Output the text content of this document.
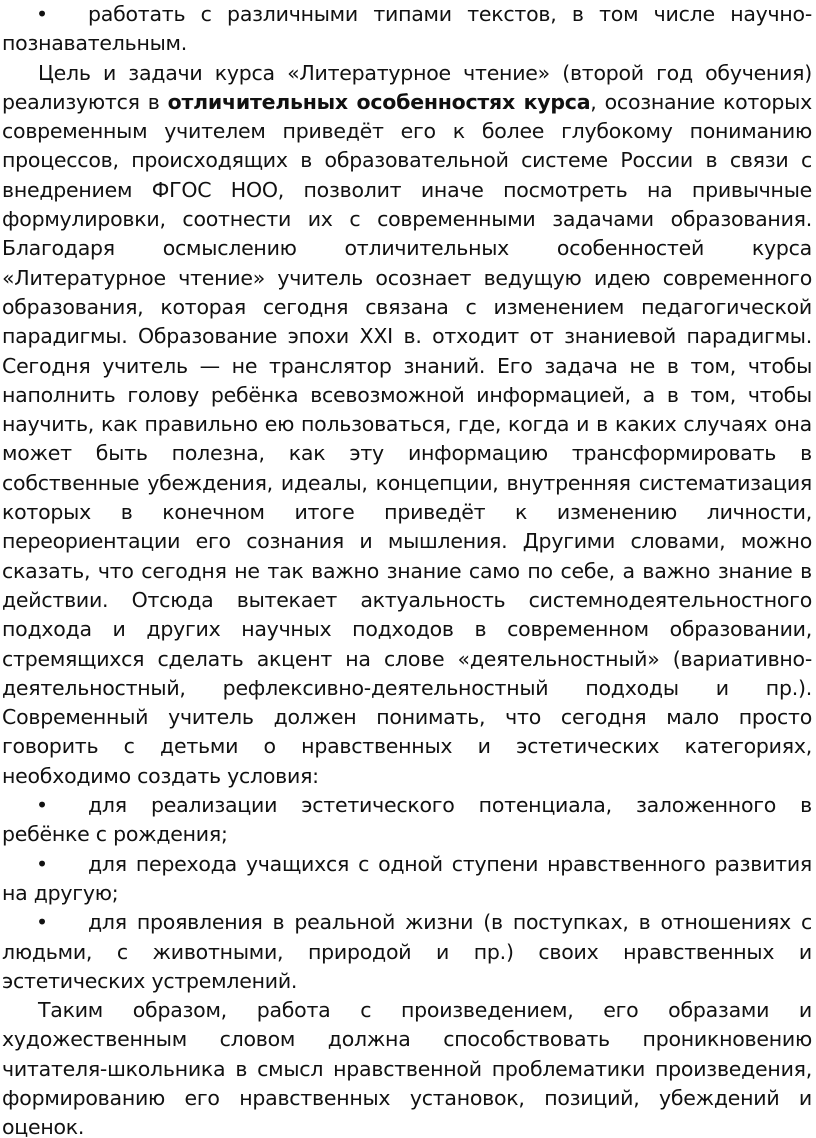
• работать с различными типами текстов, в том числе научно-познавательным.

Цель и задачи курса «Литературное чтение» (второй год обучения) реализуются в отличительных особенностях курса, осознание которых современным учителем приведёт его к более глубокому пониманию процессов, происходящих в образовательной системе России в связи с внедрением ФГОС НОО, позволит иначе посмотреть на привычные формулировки, соотнести их с современными задачами образования. Благодаря осмыслению отличительных особенностей курса «Литературное чтение» учитель осознает ведущую идею современного образования, которая сегодня связана с изменением педагогической парадигмы. Образование эпохи XXI в. отходит от знаниевой парадигмы. Сегодня учитель — не транслятор знаний. Его задача не в том, чтобы наполнить голову ребёнка всевозможной информацией, а в том, чтобы научить, как правильно ею пользоваться, где, когда и в каких случаях она может быть полезна, как эту информацию трансформировать в собственные убеждения, идеалы, концепции, внутренняя систематизация которых в конечном итоге приведёт к изменению личности, переориентации его сознания и мышления. Другими словами, можно сказать, что сегодня не так важно знание само по себе, а важно знание в действии. Отсюда вытекает актуальность системнодеятельностного подхода и других научных подходов в современном образовании, стремящихся сделать акцент на слове «деятельностный» (вариативно-деятельностный, рефлексивно-деятельностный подходы и пр.). Современный учитель должен понимать, что сегодня мало просто говорить с детьми о нравственных и эстетических категориях, необходимо создать условия:

• для реализации эстетического потенциала, заложенного в ребёнке с рождения;

• для перехода учащихся с одной ступени нравственного развития на другую;

• для проявления в реальной жизни (в поступках, в отношениях с людьми, с животными, природой и пр.) своих нравственных и эстетических устремлений.

Таким образом, работа с произведением, его образами и художественным словом должна способствовать проникновению читателя-школьника в смысл нравственной проблематики произведения, формированию его нравственных установок, позиций, убеждений и оценок.
